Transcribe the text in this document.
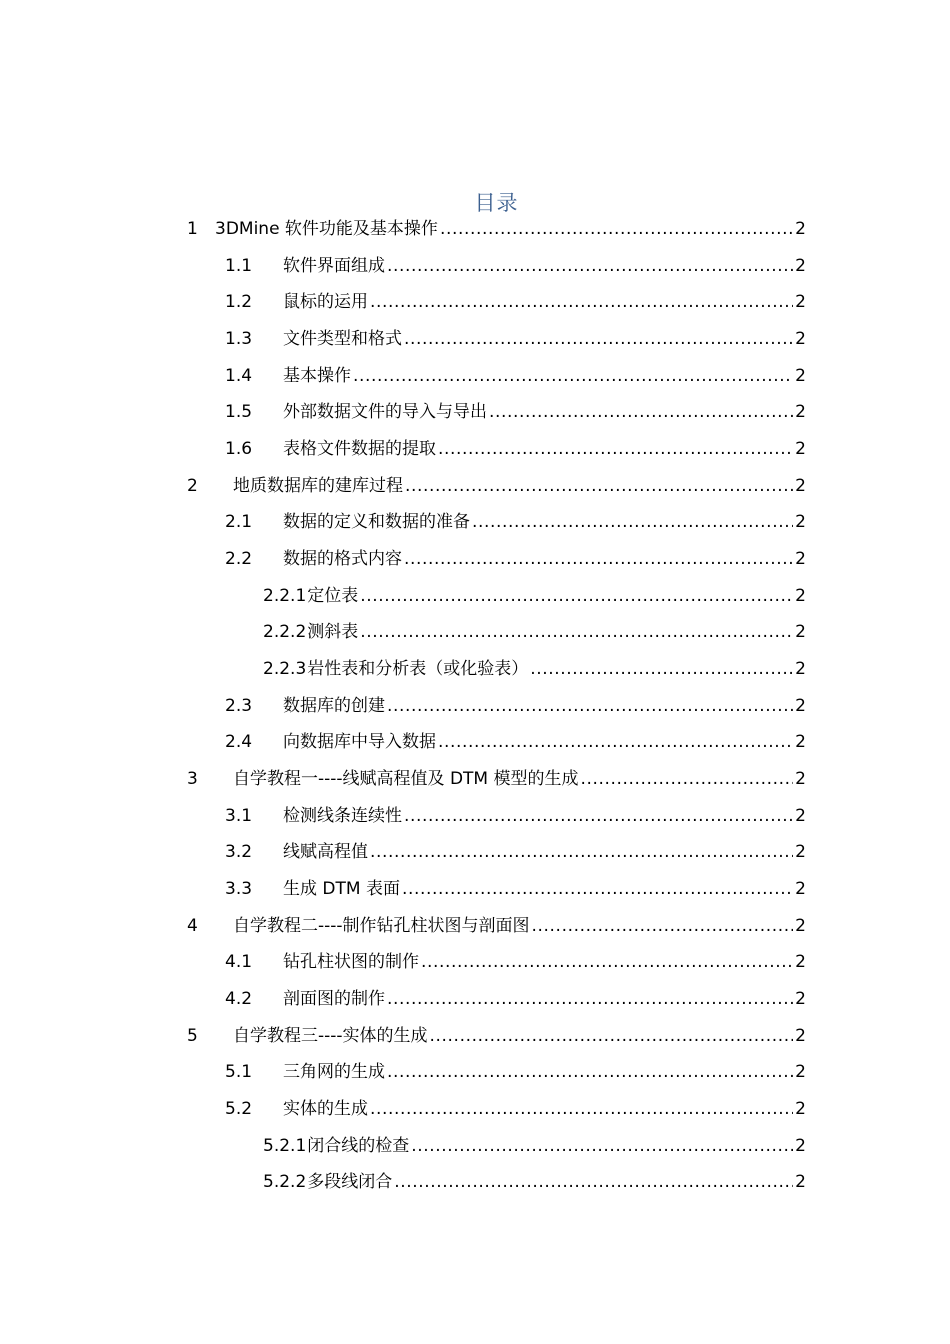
目录
1	3DMine 软件功能及基本操作 .....	2
1.1	软件界面组成 .....	2
1.2	鼠标的运用 .....	2
1.3	文件类型和格式 .....	2
1.4	基本操作 .....	2
1.5	外部数据文件的导入与导出 .....	2
1.6	表格文件数据的提取 .....	2
2	地质数据库的建库过程 .....	2
2.1	数据的定义和数据的准备 .....	2
2.2	数据的格式内容 .....	2
2.2.1 定位表 .....	2
2.2.2 测斜表 .....	2
2.2.3 岩性表和分析表（或化验表） .....	2
2.3	数据库的创建 .....	2
2.4	向数据库中导入数据 .....	2
3	自学教程一----线赋高程值及 DTM 模型的生成 .....	2
3.1	检测线条连续性 .....	2
3.2	线赋高程值 .....	2
3.3	生成 DTM 表面 .....	2
4	自学教程二----制作钻孔柱状图与剖面图 .....	2
4.1	钻孔柱状图的制作 .....	2
4.2	剖面图的制作 .....	2
5	自学教程三----实体的生成 .....	2
5.1	三角网的生成 .....	2
5.2	实体的生成 .....	2
5.2.1 闭合线的检查 .....	2
5.2.2 多段线闭合 .....	2
